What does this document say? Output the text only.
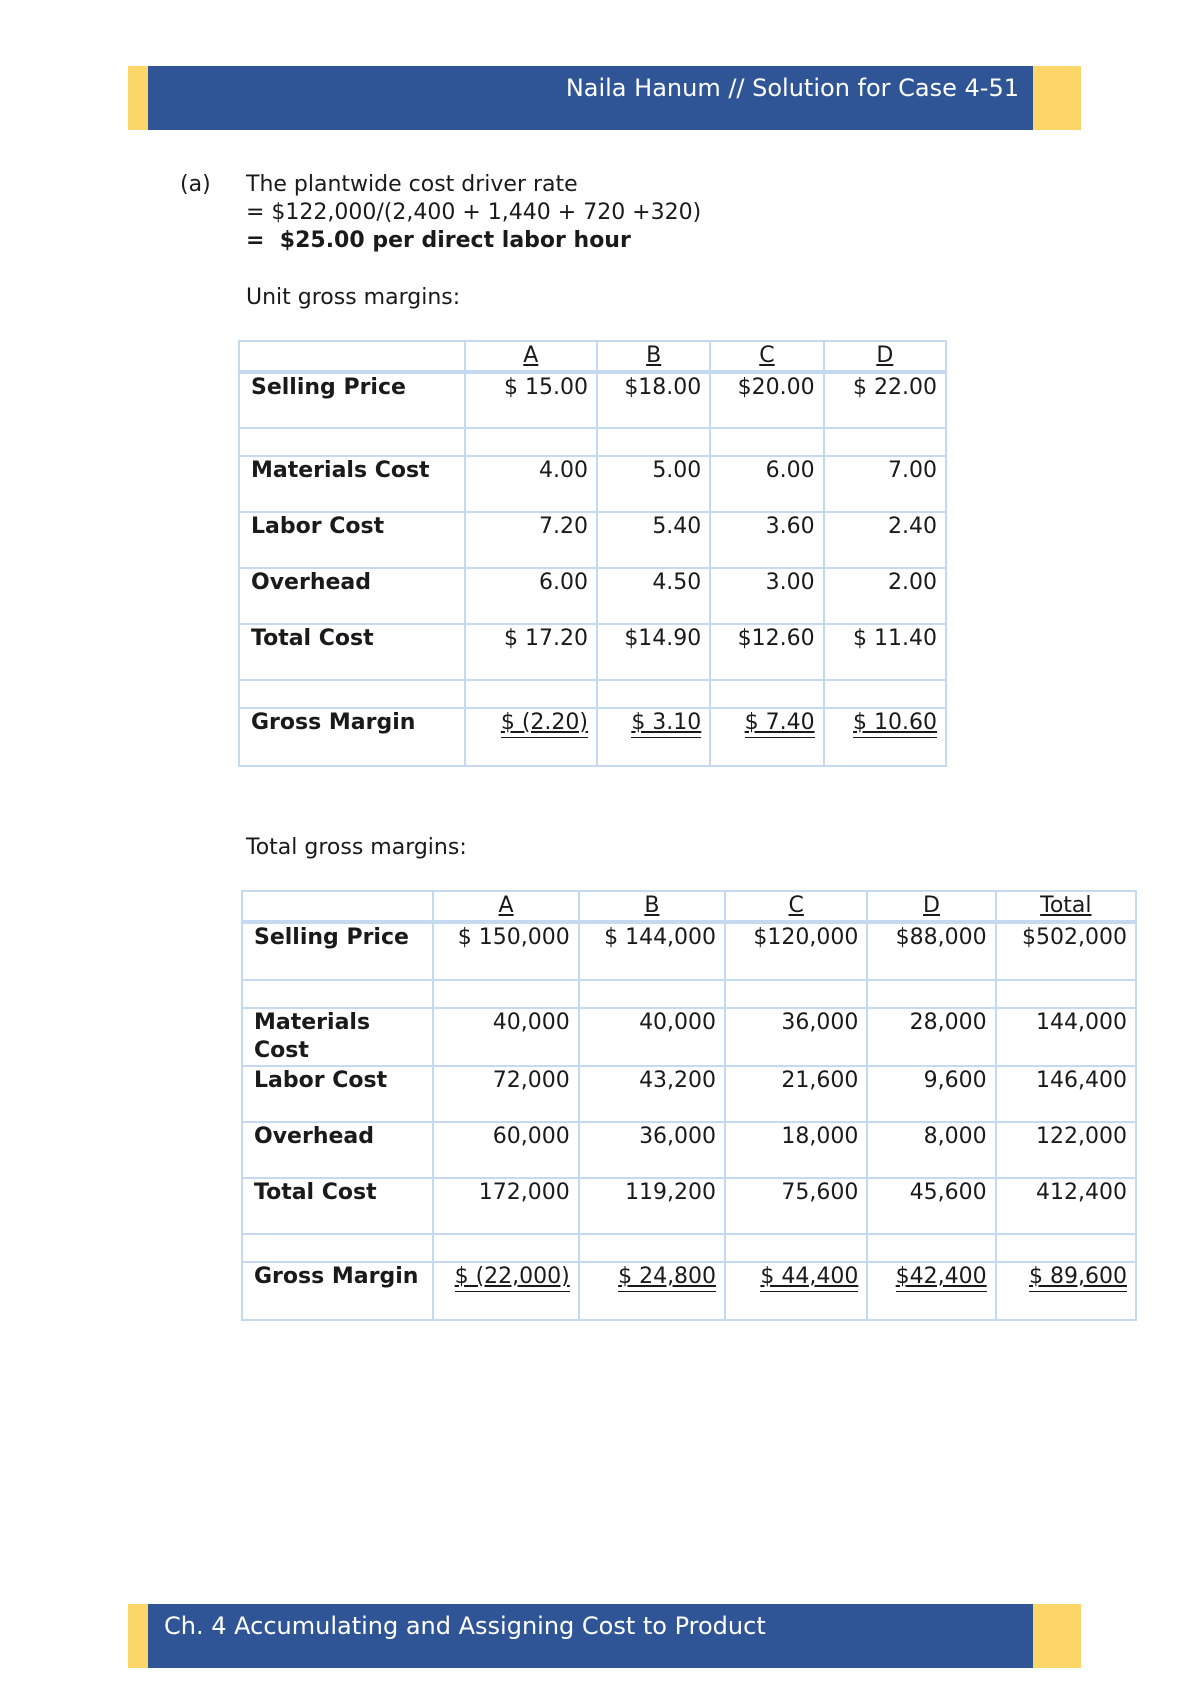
Naila Hanum // Solution for Case 4-51
(a) The plantwide cost driver rate
= $122,000/(2,400 + 1,440 + 720 +320)
= $25.00 per direct labor hour
Unit gross margins:
	A	B	C	D
Selling Price	$ 15.00	$18.00	$20.00	$ 22.00

Materials Cost	4.00	5.00	6.00	7.00
Labor Cost	7.20	5.40	3.60	2.40
Overhead	6.00	4.50	3.00	2.00
Total Cost	$ 17.20	$14.90	$12.60	$ 11.40

Gross Margin	$ (2.20)	$ 3.10	$ 7.40	$ 10.60
Total gross margins:
	A	B	C	D	Total
Selling Price	$ 150,000	$ 144,000	$120,000	$88,000	$502,000

Materials Cost	40,000	40,000	36,000	28,000	144,000
Labor Cost	72,000	43,200	21,600	9,600	146,400
Overhead	60,000	36,000	18,000	8,000	122,000
Total Cost	172,000	119,200	75,600	45,600	412,400

Gross Margin	$ (22,000)	$ 24,800	$ 44,400	$42,400	$ 89,600
Ch. 4 Accumulating and Assigning Cost to Product
